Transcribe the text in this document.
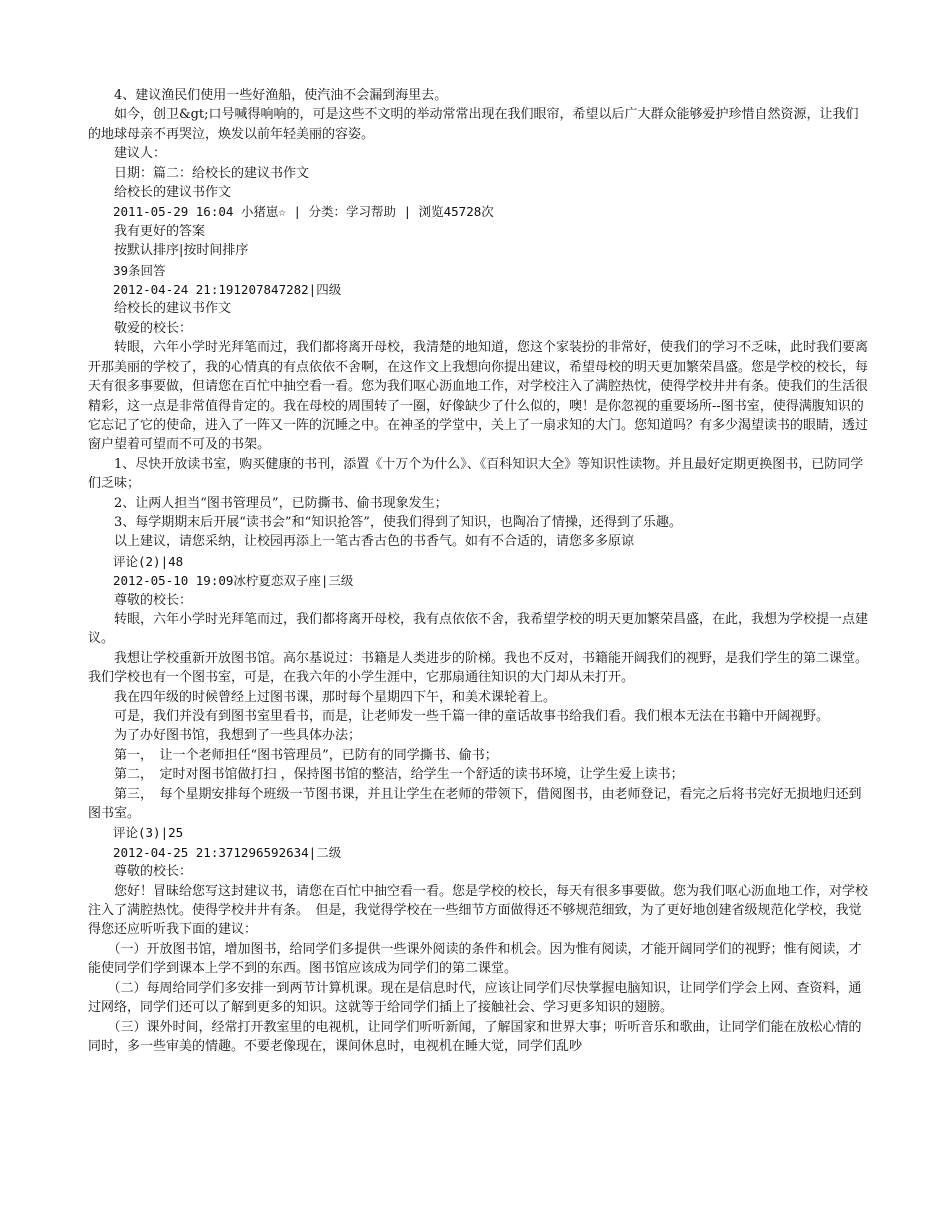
　　4、建议渔民们使用一些好渔船，使汽油不会漏到海里去。

　　如今，创卫&gt;口号喊得响响的，可是这些不文明的举动常常出现在我们眼帘，希望以后广大群众能够爱护珍惜自然资源，让我们的地球母亲不再哭泣，焕发以前年轻美丽的容姿。

　　建议人：

　　日期：篇二：给校长的建议书作文

　　给校长的建议书作文

　　2011-05-29 16:04 小猪崽☆ | 分类：学习帮助 | 浏览45728次

　　我有更好的答案

　　按默认排序|按时间排序

　　39条回答

　　2012-04-24 21:191207847282|四级

　　给校长的建议书作文

　　敬爱的校长：

　　转眼，六年小学时光拜笔而过，我们都将离开母校，我清楚的地知道，您这个家装扮的非常好，使我们的学习不乏味，此时我们要离开那美丽的学校了，我的心情真的有点依依不舍啊，在这作文上我想向你提出建议，希望母校的明天更加繁荣昌盛。您是学校的校长，每天有很多事要做，但请您在百忙中抽空看一看。您为我们呕心沥血地工作，对学校注入了满腔热忱，使得学校井井有条。使我们的生活很精彩，这一点是非常值得肯定的。我在母校的周围转了一圈，好像缺少了什么似的，噢！是你忽视的重要场所--图书室，使得满腹知识的它忘记了它的使命，进入了一阵又一阵的沉睡之中。在神圣的学堂中，关上了一扇求知的大门。您知道吗？有多少渴望读书的眼睛，透过窗户望着可望而不可及的书架。

　　1、尽快开放读书室，购买健康的书刊，添置《十万个为什么》、《百科知识大全》等知识性读物。并且最好定期更换图书，已防同学们乏味；

　　2、让两人担当“图书管理员”，已防撕书、偷书现象发生；

　　3、每学期期末后开展“读书会”和“知识抢答”，使我们得到了知识，也陶冶了情操，还得到了乐趣。

　　以上建议，请您采纳，让校园再添上一笔古香古色的书香气。如有不合适的，请您多多原谅

　　评论(2)|48

　　2012-05-10 19:09冰柠夏恋双子座|三级

　　尊敬的校长：

　　转眼，六年小学时光拜笔而过，我们都将离开母校，我有点依依不舍，我希望学校的明天更加繁荣昌盛，在此，我想为学校提一点建议。

　　我想让学校重新开放图书馆。高尔基说过：书籍是人类进步的阶梯。我也不反对，书籍能开阔我们的视野，是我们学生的第二课堂。我们学校也有一个图书室，可是，在我六年的小学生涯中，它那扇通往知识的大门却从未打开。

　　我在四年级的时候曾经上过图书课，那时每个星期四下午，和美术课轮着上。

　　可是，我们并没有到图书室里看书，而是，让老师发一些千篇一律的童话故事书给我们看。我们根本无法在书籍中开阔视野。

　　为了办好图书馆，我想到了一些具体办法；

　　第一，　让一个老师担任“图书管理员”，已防有的同学撕书、偷书；

　　第二，　定时对图书馆做打扫 ，保持图书馆的整洁，给学生一个舒适的读书环境，让学生爱上读书；

　　第三，　每个星期安排每个班级一节图书课，并且让学生在老师的带领下，借阅图书，由老师登记，看完之后将书完好无损地归还到图书室。

　　评论(3)|25

　　2012-04-25 21:371296592634|二级

　　尊敬的校长：

　　您好！冒昧给您写这封建议书，请您在百忙中抽空看一看。您是学校的校长，每天有很多事要做。您为我们呕心沥血地工作，对学校注入了满腔热忱。使得学校井井有条。　但是，我觉得学校在一些细节方面做得还不够规范细致，为了更好地创建省级规范化学校，我觉得您还应听听我下面的建议：

　　（一）开放图书馆，增加图书，给同学们多提供一些课外阅读的条件和机会。因为惟有阅读，才能开阔同学们的视野；惟有阅读，才能使同学们学到课本上学不到的东西。图书馆应该成为同学们的第二课堂。

　　（二）每周给同学们多安排一到两节计算机课。现在是信息时代，应该让同学们尽快掌握电脑知识，让同学们学会上网、查资料，通过网络，同学们还可以了解到更多的知识。这就等于给同学们插上了接触社会、学习更多知识的翅膀。

　　（三）课外时间，经常打开教室里的电视机，让同学们听听新闻，了解国家和世界大事；听听音乐和歌曲，让同学们能在放松心情的同时，多一些审美的情趣。不要老像现在，课间休息时，电视机在睡大觉，同学们乱吵
